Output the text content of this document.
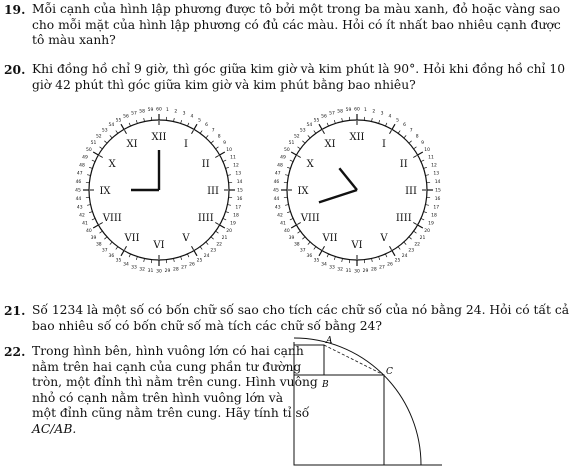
19. Mỗi cạnh của hình lập phương được tô bởi một trong ba màu xanh, đỏ hoặc vàng sao
cho mỗi mặt của hình lập phương có đủ các màu. Hỏi có ít nhất bao nhiêu cạnh được
tô màu xanh?
20. Khi đồng hồ chỉ 9 giờ, thì góc giữa kim giờ và kim phút là 90°. Hỏi khi đồng hồ chỉ 10
giờ 42 phút thì góc giữa kim giờ và kim phút bằng bao nhiêu?
60 1 2 3
4
5
6
7
8
9
10
11
12
13
14
15
16
17
18
19
20
21
22
23
24
25
26
27
28
29
30
31
32
33
34
35
36
37
38
39
40
41
42
43
44
45
46
47
48
49
50
51
52
53
54
55
56
57 58 59
XII
I
II
III
IIII
V
VI
VII
VIII
IX
X
XI
60 1 2 3
4
5
6
7
8
9
10
11
12
13
14
15
16
17
18
19
20
21
22
23
24
25
26
27
28
29
30
31
32
33
34
35
36
37
38
39
40
41
42
43
44
45
46
47
48
49
50
51
52
53
54
55
56
57 58 59
XII
I
II
III
IIII
V
VI
VII
VIII
IX
X
XI
21. Số 1234 là một số có bốn chữ số sao cho tích các chữ số của nó bằng 24. Hỏi có tất cả
bao nhiêu số có bốn chữ số mà tích các chữ số bằng 24?
22. Trong hình bên, hình vuông lớn có hai cạnh
nằm trên hai cạnh của cung phần tư đường
tròn, một đỉnh thì nằm trên cung. Hình vuông
nhỏ có cạnh nằm trên hình vuông lớn và
một đỉnh cũng nằm trên cung. Hãy tính tỉ số
AC/AB.
A
B
C
